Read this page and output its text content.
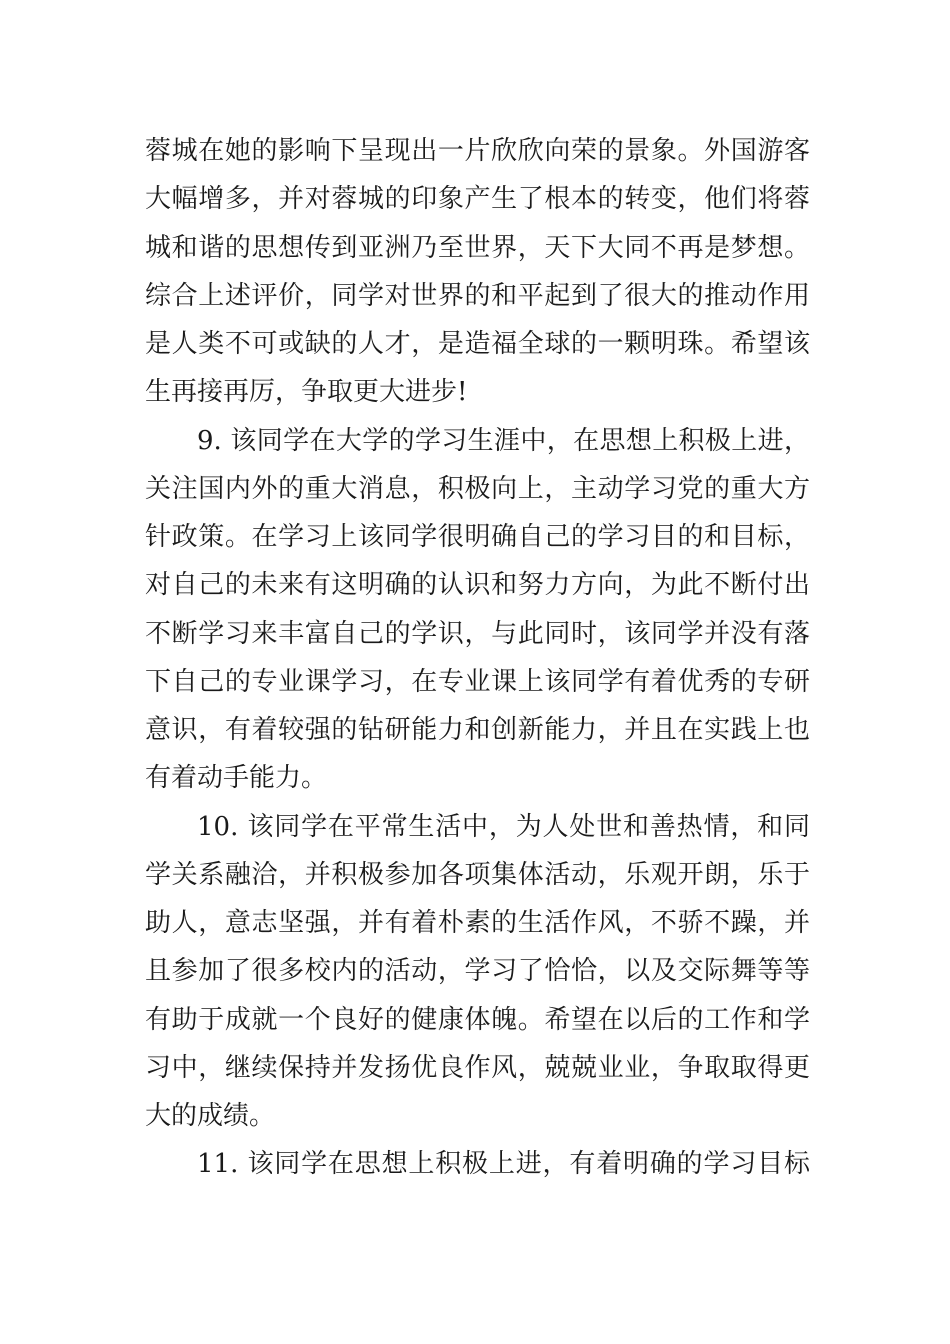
蓉城在她的影响下呈现出一片欣欣向荣的景象。外国游客
大幅增多，并对蓉城的印象产生了根本的转变，他们将蓉
城和谐的思想传到亚洲乃至世界，天下大同不再是梦想。
综合上述评价，同学对世界的和平起到了很大的推动作用
是人类不可或缺的人才，是造福全球的一颗明珠。希望该
生再接再厉，争取更大进步!
9. 该同学在大学的学习生涯中，在思想上积极上进，
关注国内外的重大消息，积极向上，主动学习党的重大方
针政策。在学习上该同学很明确自己的学习目的和目标，
对自己的未来有这明确的认识和努力方向，为此不断付出
不断学习来丰富自己的学识，与此同时，该同学并没有落
下自己的专业课学习，在专业课上该同学有着优秀的专研
意识，有着较强的钻研能力和创新能力，并且在实践上也
有着动手能力。
10. 该同学在平常生活中，为人处世和善热情，和同
学关系融洽，并积极参加各项集体活动，乐观开朗，乐于
助人，意志坚强，并有着朴素的生活作风，不骄不躁，并
且参加了很多校内的活动，学习了恰恰，以及交际舞等等
有助于成就一个良好的健康体魄。希望在以后的工作和学
习中，继续保持并发扬优良作风，兢兢业业，争取取得更
大的成绩。
11. 该同学在思想上积极上进，有着明确的学习目标
